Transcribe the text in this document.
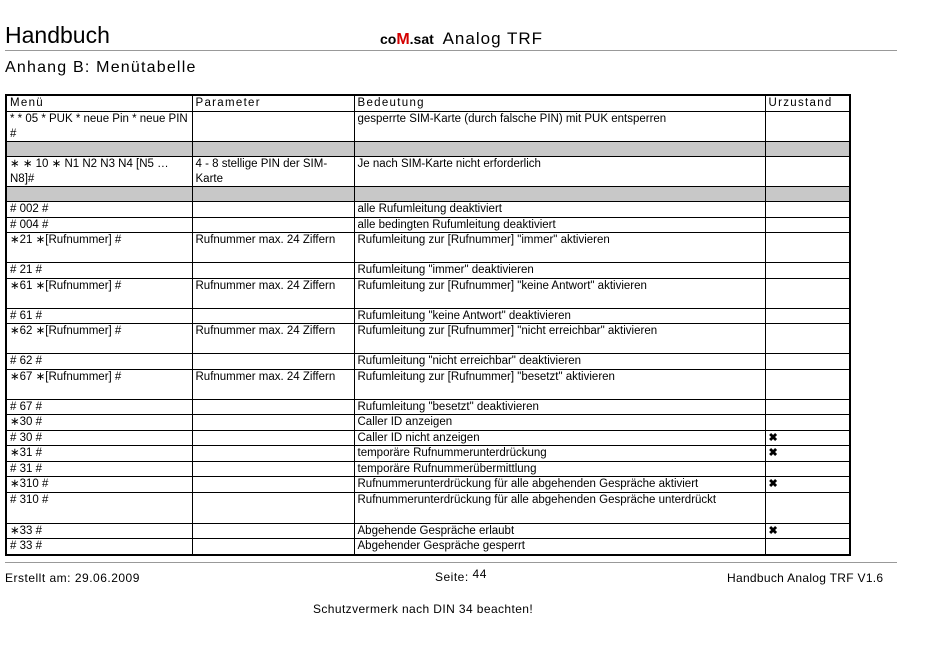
Handbuch	coM.sat Analog TRF
Anhang B: Menütabelle
Menü	Parameter	Bedeutung	Urzustand
* * 05 * PUK * neue Pin * neue PIN #		gesperrte SIM-Karte (durch falsche PIN) mit PUK entsperren	

∗ ∗ 10 ∗ N1 N2 N3 N4 [N5 …N8]#	4 - 8 stellige PIN der SIM-Karte	Je nach SIM-Karte nicht erforderlich	

# 002 #		alle Rufumleitung deaktiviert	
# 004 #		alle bedingten Rufumleitung deaktiviert	
∗21 ∗[Rufnummer] #	Rufnummer max. 24 Ziffern	Rufumleitung zur [Rufnummer] "immer" aktivieren	
# 21 #		Rufumleitung "immer" deaktivieren	
∗61 ∗[Rufnummer] #	Rufnummer max. 24 Ziffern	Rufumleitung zur [Rufnummer] "keine Antwort" aktivieren	
# 61 #		Rufumleitung "keine Antwort" deaktivieren	
∗62 ∗[Rufnummer] #	Rufnummer max. 24 Ziffern	Rufumleitung zur [Rufnummer] "nicht erreichbar" aktivieren	
# 62 #		Rufumleitung "nicht erreichbar" deaktivieren	
∗67 ∗[Rufnummer] #	Rufnummer max. 24 Ziffern	Rufumleitung zur [Rufnummer] "besetzt" aktivieren	
# 67 #		Rufumleitung "besetzt" deaktivieren	
∗30 #		Caller ID anzeigen	
# 30 #		Caller ID nicht anzeigen	✖
∗31 #		temporäre Rufnummerunterdrückung	✖
# 31 #		temporäre Rufnummerübermittlung	
∗310 #		Rufnummerunterdrückung für alle abgehenden Gespräche aktiviert	✖
# 310 #		Rufnummerunterdrückung für alle abgehenden Gespräche unterdrückt	
∗33 #		Abgehende Gespräche erlaubt	✖
# 33 #		Abgehender Gespräche gesperrt	
Erstellt am: 29.06.2009	Seite: 44	Handbuch Analog TRF V1.6
Schutzvermerk nach DIN 34 beachten!
